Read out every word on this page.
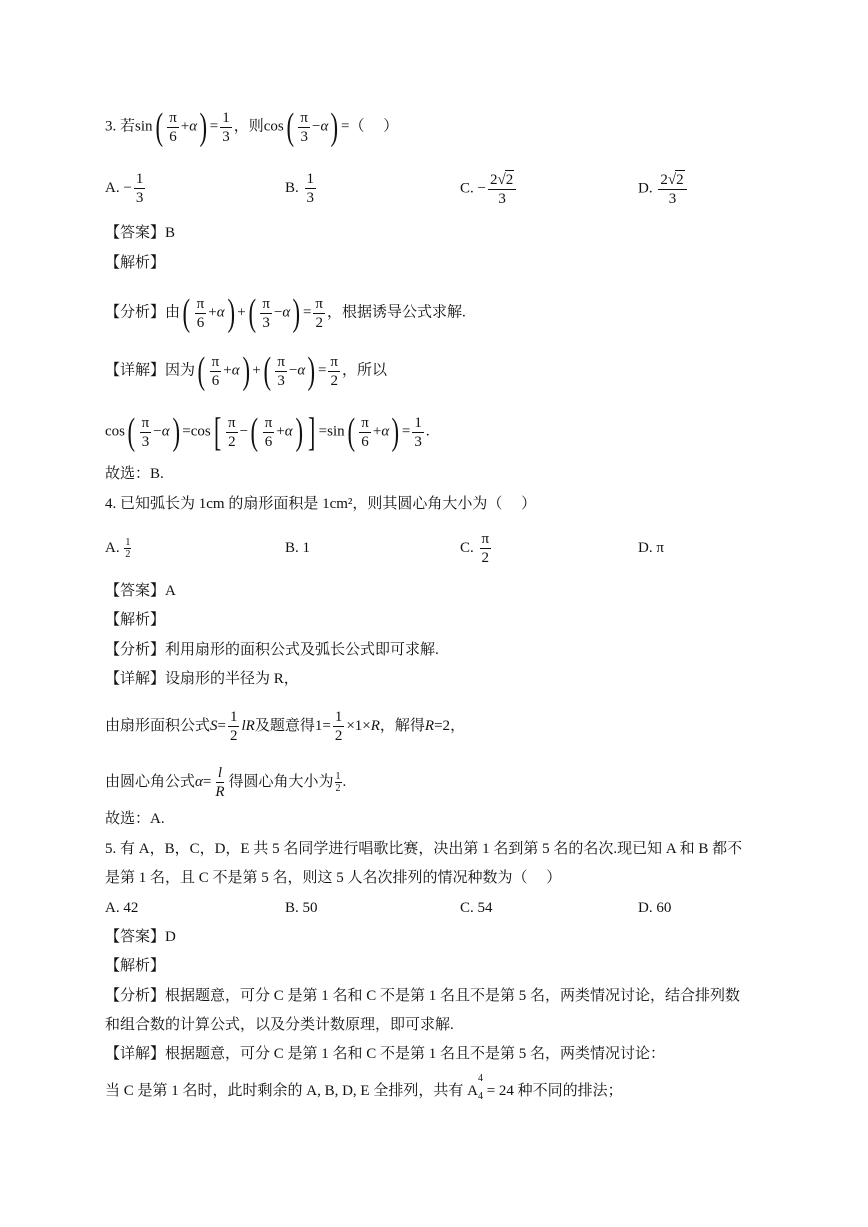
3. 若$\sin( \frac{\pi}{6} +\alpha) = \frac{1}{3}$ ，则$\cos( \frac{\pi}{3} -\alpha)$ =（　 ）
A. − $\frac{1}{3}$	B. $\frac{1}{3}$	C. − $\frac{2√2}{3}$	D. $\frac{2√2}{3}$
【答案】B
【解析】
【分析】由( $\frac{\pi}{6} +\alpha$) +( $\frac{\pi}{3} -\alpha) = \frac{\pi}{2}$ ，根据诱导公式求解.
【详解】因为( $\frac{\pi}{6} +\alpha$) +( $\frac{\pi}{3} -\alpha) = \frac{\pi}{2}$ ，所以
$\cos( \frac{\pi}{3} -\alpha) =\cos[ \frac{\pi}{2}$ −( $\frac{\pi}{6} +\alpha$) ] $=\sin( \frac{\pi}{6} +\alpha) = \frac{1}{3}$ .
故选：B.
4. 已知弧长为 1cm 的扇形面积是 1cm²，则其圆心角大小为（　 ）
A. $\frac{1}{2}$	B. 1	C. $\frac{\pi}{2}$	D. π
【答案】A
【解析】
【分析】利用扇形的面积公式及弧长公式即可求解.
【详解】设扇形的半径为 R，
由扇形面积公式$S= \frac{1}{2}$ lR及题意得$1= \frac{1}{2} \times 1\times R$，解得R=2，
由圆心角公式$\alpha= \frac{l}{R}$ 得圆心角大小为 $\frac{1}{2}$ .
故选：A.
5. 有 A，B，C，D，E 共 5 名同学进行唱歌比赛，决出第 1 名到第 5 名的名次.现已知 A 和 B 都不
是第 1 名，且 C 不是第 5 名，则这 5 人名次排列的情况种数为（　 ）
A. 42	B. 50	C. 54	D. 60
【答案】D
【解析】
【分析】根据题意，可分 C 是第 1 名和 C 不是第 1 名且不是第 5 名，两类情况讨论，结合排列数
和组合数的计算公式，以及分类计数原理，即可求解.
【详解】根据题意，可分 C 是第 1 名和 C 不是第 1 名且不是第 5 名，两类情况讨论：
当 C 是第 1 名时，此时剩余的 A, B, D, E 全排列，共有 $A^4_4 = 24$ 种不同的排法；
